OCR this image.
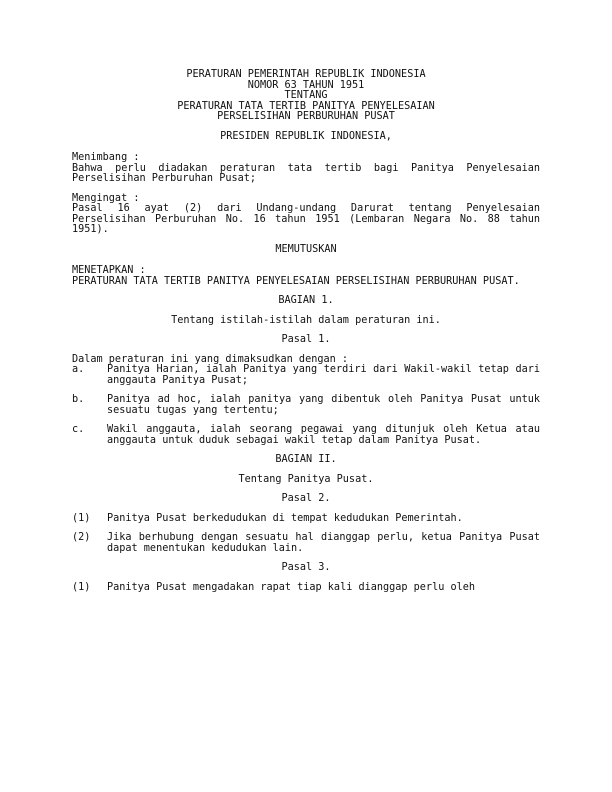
PERATURAN PEMERINTAH REPUBLIK INDONESIA
NOMOR 63 TAHUN 1951
TENTANG
PERATURAN TATA TERTIB PANITYA PENYELESAIAN
PERSELISIHAN PERBURUHAN PUSAT
PRESIDEN REPUBLIK INDONESIA,
Menimbang :
Bahwa perlu diadakan peraturan tata tertib bagi Panitya Penyelesaian Perselisihan Perburuhan Pusat;
Mengingat :
Pasal 16 ayat (2) dari Undang-undang Darurat tentang Penyelesaian Perselisihan Perburuhan No. 16 tahun 1951 (Lembaran Negara No. 88 tahun 1951).
MEMUTUSKAN
MENETAPKAN :
PERATURAN TATA TERTIB PANITYA PENYELESAIAN PERSELISIHAN PERBURUHAN PUSAT.
BAGIAN 1.
Tentang istilah-istilah dalam peraturan ini.
Pasal 1.
Dalam peraturan ini yang dimaksudkan dengan :
a.	Panitya Harian, ialah Panitya yang terdiri dari Wakil-wakil tetap dari anggauta Panitya Pusat;
b.	Panitya ad hoc, ialah panitya yang dibentuk oleh Panitya Pusat untuk sesuatu tugas yang tertentu;
c.	Wakil anggauta, ialah seorang pegawai yang ditunjuk oleh Ketua atau anggauta untuk duduk sebagai wakil tetap dalam Panitya Pusat.
BAGIAN II.
Tentang Panitya Pusat.
Pasal 2.
(1)	Panitya Pusat berkedudukan di tempat kedudukan Pemerintah.
(2)	Jika berhubung dengan sesuatu hal dianggap perlu, ketua Panitya Pusat dapat menentukan kedudukan lain.
Pasal 3.
(1)	Panitya Pusat mengadakan rapat tiap kali dianggap perlu oleh
